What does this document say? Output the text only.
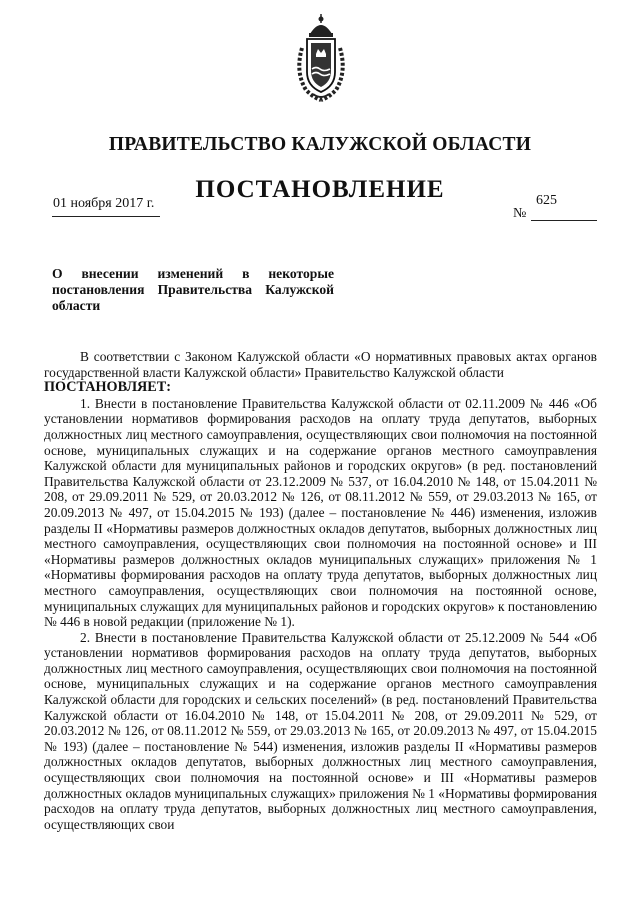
ПРАВИТЕЛЬСТВО КАЛУЖСКОЙ ОБЛАСТИ
ПОСТАНОВЛЕНИЕ
01 ноября 2017 г.	625
№
О внесении изменений в некоторые постановления Правительства Калужской области

В соответствии с Законом Калужской области «О нормативных правовых актах органов государственной власти Калужской области» Правительство Калужской области

ПОСТАНОВЛЯЕТ:

1. Внести в постановление Правительства Калужской области от 02.11.2009 № 446 «Об установлении нормативов формирования расходов на оплату труда депутатов, выборных должностных лиц местного самоуправления, осуществляющих свои полномочия на постоянной основе, муниципальных служащих и на содержание органов местного самоуправления Калужской области для муниципальных районов и городских округов» (в ред. постановлений Правительства Калужской области от 23.12.2009 № 537, от 16.04.2010 № 148, от 15.04.2011 № 208, от 29.09.2011 № 529, от 20.03.2012 № 126, от 08.11.2012 № 559, от 29.03.2013 № 165, от 20.09.2013 № 497, от 15.04.2015 № 193) (далее – постановление № 446) изменения, изложив разделы II «Нормативы размеров должностных окладов депутатов, выборных должностных лиц местного самоуправления, осуществляющих свои полномочия на постоянной основе» и III «Нормативы размеров должностных окладов муниципальных служащих» приложения № 1 «Нормативы формирования расходов на оплату труда депутатов, выборных должностных лиц местного самоуправления, осуществляющих свои полномочия на постоянной основе, муниципальных служащих для муниципальных районов и городских округов» к постановлению № 446 в новой редакции (приложение № 1).

2. Внести в постановление Правительства Калужской области от 25.12.2009 № 544 «Об установлении нормативов формирования расходов на оплату труда депутатов, выборных должностных лиц местного самоуправления, осуществляющих свои полномочия на постоянной основе, муниципальных служащих и на содержание органов местного самоуправления Калужской области для городских и сельских поселений» (в ред. постановлений Правительства Калужской области от 16.04.2010 № 148, от 15.04.2011 № 208, от 29.09.2011 № 529, от 20.03.2012 № 126, от 08.11.2012 № 559, от 29.03.2013 № 165, от 20.09.2013 № 497, от 15.04.2015 № 193) (далее – постановление № 544) изменения, изложив разделы II «Нормативы размеров должностных окладов депутатов, выборных должностных лиц местного самоуправления, осуществляющих свои полномочия на постоянной основе» и III «Нормативы размеров должностных окладов муниципальных служащих» приложения № 1 «Нормативы формирования расходов на оплату труда депутатов, выборных должностных лиц местного самоуправления, осуществляющих свои
